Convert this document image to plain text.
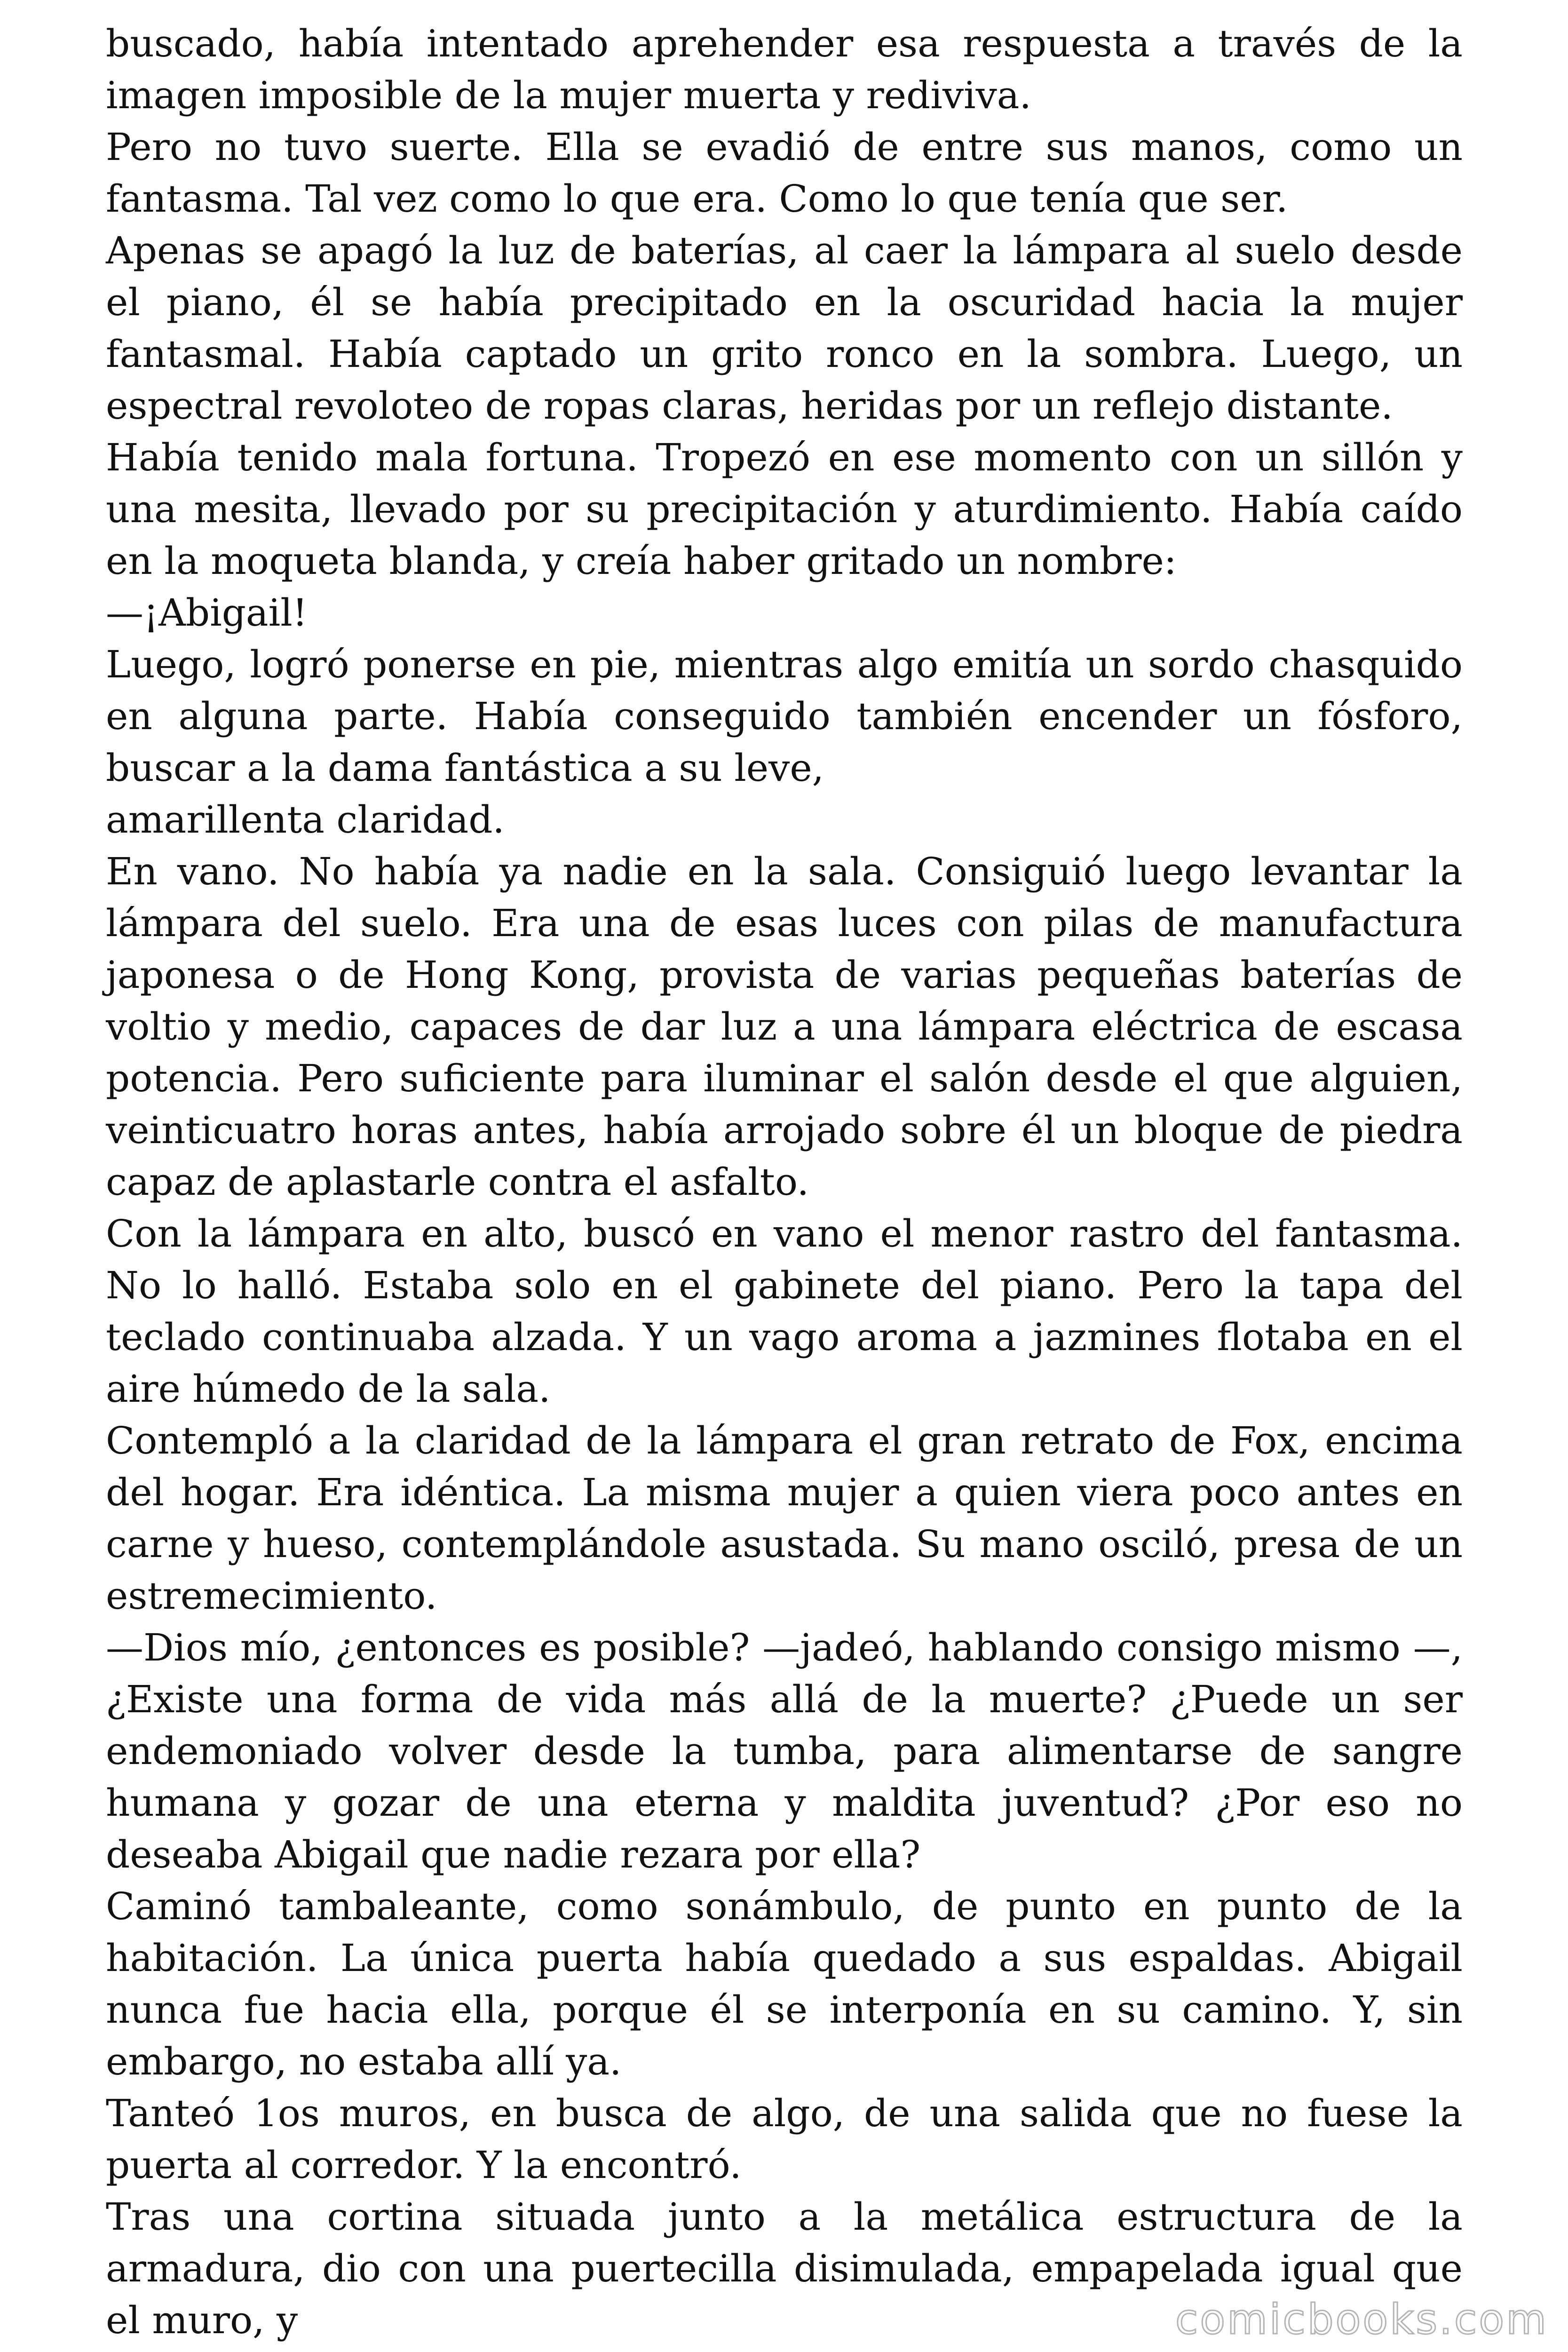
buscado, había intentado aprehender esa respuesta a través de la imagen imposible de la mujer muerta y rediviva.

Pero no tuvo suerte. Ella se evadió de entre sus manos, como un fantasma. Tal vez como lo que era. Como lo que tenía que ser.

Apenas se apagó la luz de baterías, al caer la lámpara al suelo desde el piano, él se había precipitado en la oscuridad hacia la mujer fantasmal. Había captado un grito ronco en la sombra. Luego, un espectral revoloteo de ropas claras, heridas por un reflejo distante.

Había tenido mala fortuna. Tropezó en ese momento con un sillón y una mesita, llevado por su precipitación y aturdimiento. Había caído en la moqueta blanda, y creía haber gritado un nombre:

—¡Abigail!

Luego, logró ponerse en pie, mientras algo emitía un sordo chasquido en alguna parte. Había conseguido también encender un fósforo, buscar a la dama fantástica a su leve,

amarillenta claridad.

En vano. No había ya nadie en la sala. Consiguió luego levantar la lámpara del suelo. Era una de esas luces con pilas de manufactura japonesa o de Hong Kong, provista de varias pequeñas baterías de voltio y medio, capaces de dar luz a una lámpara eléctrica de escasa potencia. Pero suficiente para iluminar el salón desde el que alguien, veinticuatro horas antes, había arrojado sobre él un bloque de piedra capaz de aplastarle contra el asfalto.

Con la lámpara en alto, buscó en vano el menor rastro del fantasma. No lo halló. Estaba solo en el gabinete del piano. Pero la tapa del teclado continuaba alzada. Y un vago aroma a jazmines flotaba en el aire húmedo de la sala.

Contempló a la claridad de la lámpara el gran retrato de Fox, encima del hogar. Era idéntica. La misma mujer a quien viera poco antes en carne y hueso, contemplándole asustada. Su mano osciló, presa de un estremecimiento.

—Dios mío, ¿entonces es posible? —jadeó, hablando consigo mismo —, ¿Existe una forma de vida más allá de la muerte? ¿Puede un ser endemoniado volver desde la tumba, para alimentarse de sangre humana y gozar de una eterna y maldita juventud? ¿Por eso no deseaba Abigail que nadie rezara por ella?

Caminó tambaleante, como sonámbulo, de punto en punto de la habitación. La única puerta había quedado a sus espaldas. Abigail nunca fue hacia ella, porque él se interponía en su camino. Y, sin embargo, no estaba allí ya.

Tanteó 1os muros, en busca de algo, de una salida que no fuese la puerta al corredor. Y la encontró.

Tras una cortina situada junto a la metálica estructura de la armadura, dio con una puertecilla disimulada, empapelada igual que el muro, y	comicbooks.com
